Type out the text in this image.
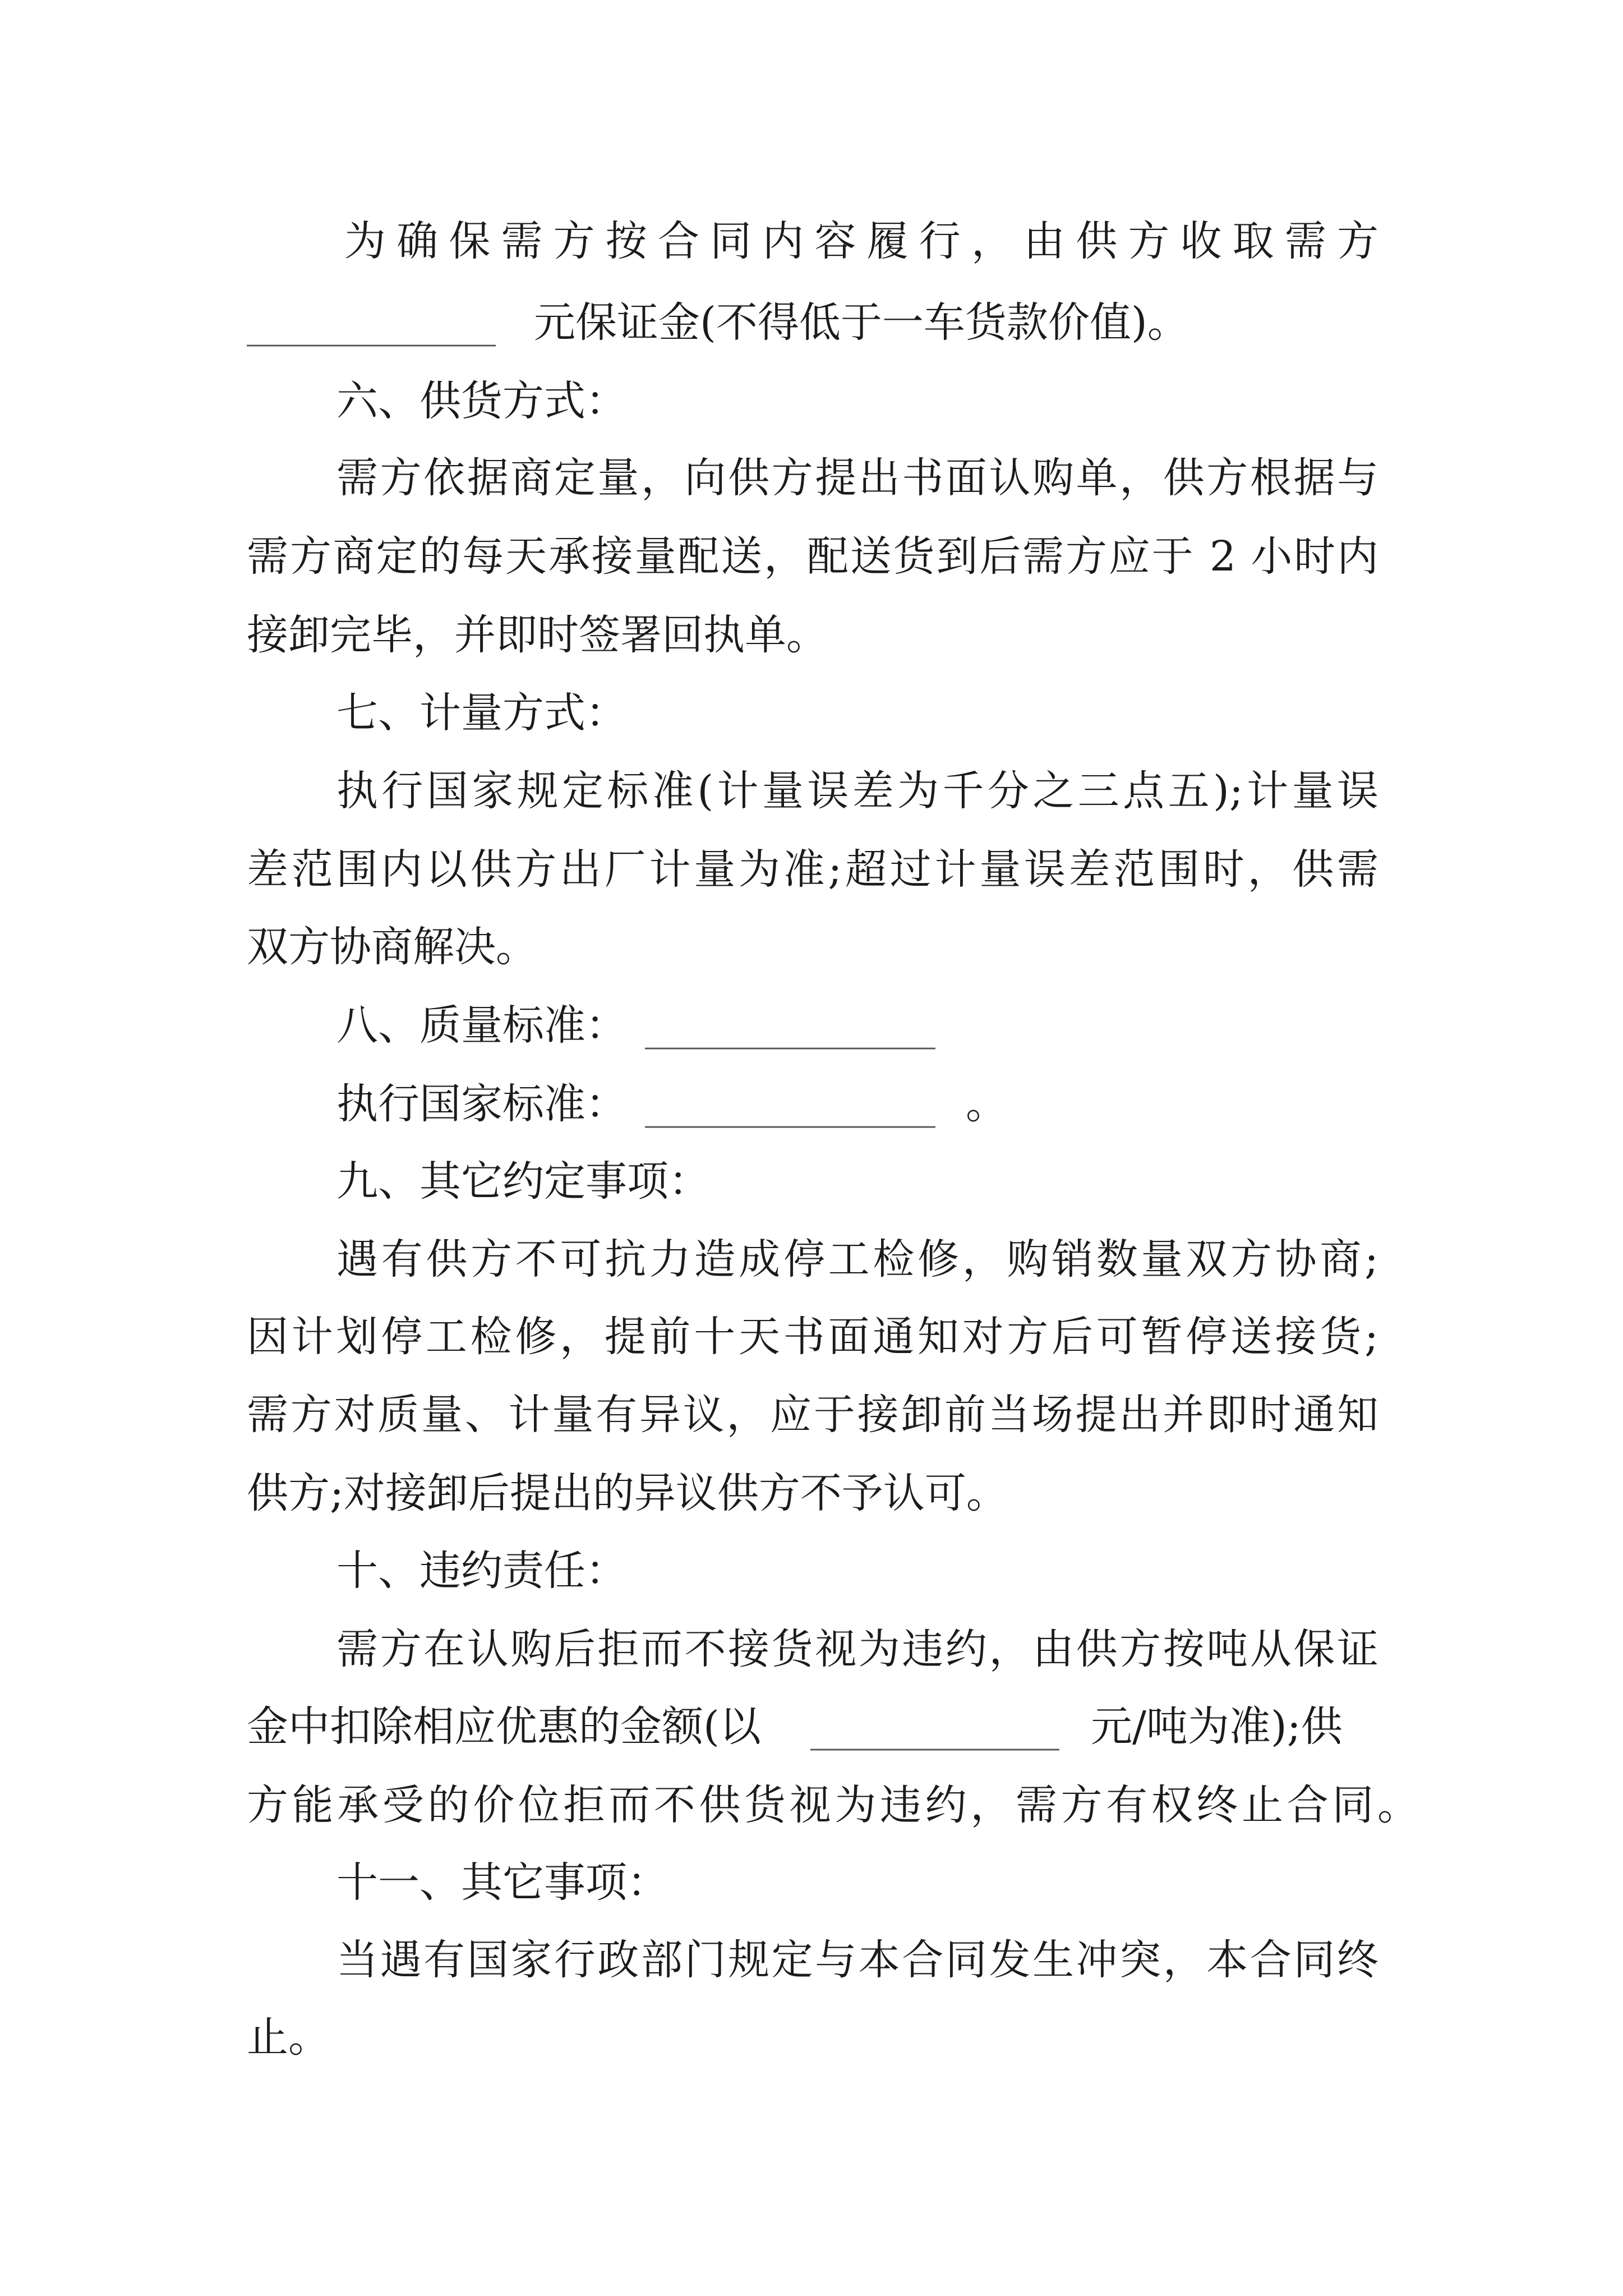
为确保需方按合同内容履行，由供方收取需方
____________ 元保证金(不得低于一车货款价值)。
六、供货方式：
需方依据商定量，向供方提出书面认购单，供方根据与
需方商定的每天承接量配送，配送货到后需方应于 2 小时内
接卸完毕，并即时签署回执单。
七、计量方式：
执行国家规定标准(计量误差为千分之三点五);计量误
差范围内以供方出厂计量为准;超过计量误差范围时，供需
双方协商解决。
八、质量标准： ______________
执行国家标准： ______________ 。
九、其它约定事项：
遇有供方不可抗力造成停工检修，购销数量双方协商;
因计划停工检修，提前十天书面通知对方后可暂停送接货;
需方对质量、计量有异议，应于接卸前当场提出并即时通知
供方;对接卸后提出的异议供方不予认可。
十、违约责任：
需方在认购后拒而不接货视为违约，由供方按吨从保证
金中扣除相应优惠的金额(以 ____________ 元/吨为准);供
方能承受的价位拒而不供货视为违约，需方有权终止合同。
十一、其它事项：
当遇有国家行政部门规定与本合同发生冲突，本合同终
止。
